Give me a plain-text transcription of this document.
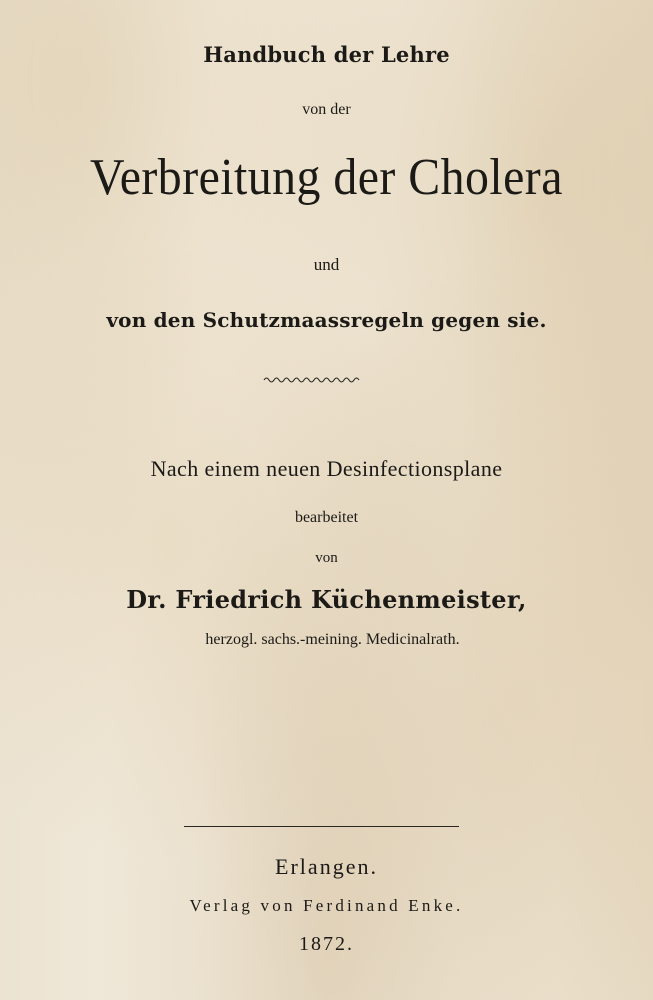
Handbuch der Lehre
von der
Verbreitung der Cholera
und
von den Schutzmaassregeln gegen sie.
Nach einem neuen Desinfectionsplane
bearbeitet
von
Dr. Friedrich Küchenmeister,
herzogl. sachs.-meining. Medicinalrath.
Erlangen.
Verlag von Ferdinand Enke.
1872.
